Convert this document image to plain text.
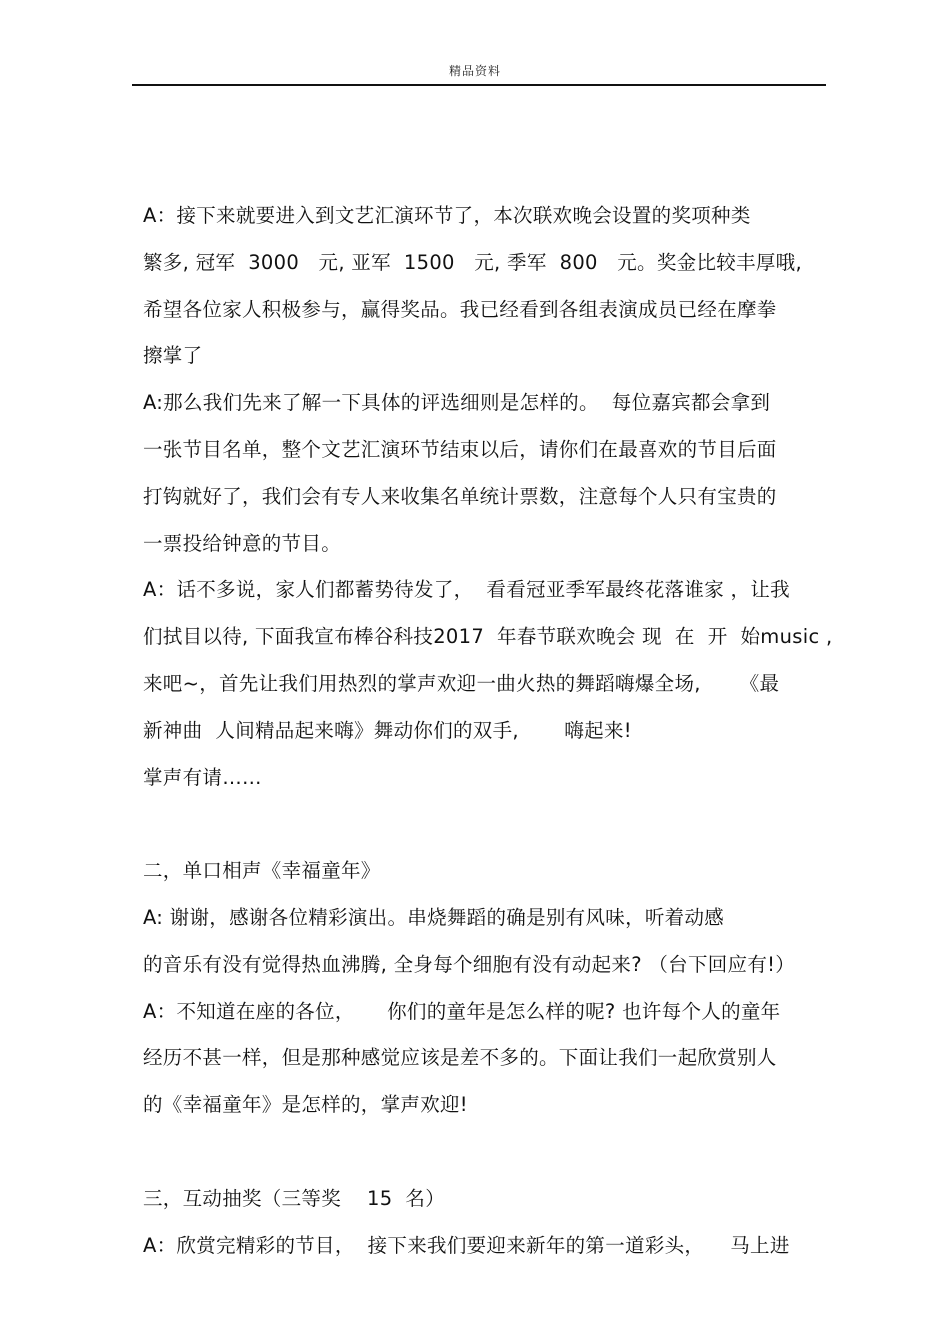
精品资料
A：接下来就要进入到文艺汇演环节了，本次联欢晚会设置的奖项种类
繁多, 冠军  3000   元, 亚军  1500   元, 季军  800   元。奖金比较丰厚哦,
希望各位家人积极参与，赢得奖品。我已经看到各组表演成员已经在摩拳
擦掌了
A:那么我们先来了解一下具体的评选细则是怎样的。  每位嘉宾都会拿到
一张节目名单，整个文艺汇演环节结束以后，请你们在最喜欢的节目后面
打钩就好了，我们会有专人来收集名单统计票数，注意每个人只有宝贵的
一票投给钟意的节目。
A：话不多说，家人们都蓄势待发了，  看看冠亚季军最终花落谁家 ，让我
们拭目以待, 下面我宣布棒谷科技2017  年春节联欢晚会 现  在  开  始music ,
来吧~，首先让我们用热烈的掌声欢迎一曲火热的舞蹈嗨爆全场,      《最
新神曲  人间精品起来嗨》舞动你们的双手,       嗨起来!
掌声有请……
二，单口相声《幸福童年》
A: 谢谢，感谢各位精彩演出。串烧舞蹈的确是别有风味，听着动感
的音乐有没有觉得热血沸腾, 全身每个细胞有没有动起来? （台下回应有!）
A：不知道在座的各位，     你们的童年是怎么样的呢? 也许每个人的童年
经历不甚一样，但是那种感觉应该是差不多的。下面让我们一起欣赏别人
的《幸福童年》是怎样的，掌声欢迎!
三，互动抽奖（三等奖    15  名）
A：欣赏完精彩的节目，  接下来我们要迎来新年的第一道彩头，    马上进
